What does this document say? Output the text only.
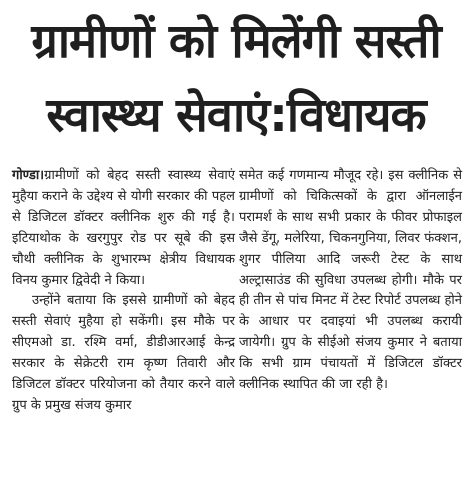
ग्रामीणों को मिलेंगी सस्ती
स्वास्थ्य सेवाएं:विधायक

गोण्डा।ग्रामीणों को बेहद सस्ती स्वास्थ्य सेवाएं मुहैया कराने के उद्देश्य से योगी सरकार की पहल से डिजिटल डॉक्टर क्लीनिक शुरु की गई है। इटियाथोक के खरगुपुर रोड पर सूबे की इस चौथी क्लीनिक के शुभारम्भ क्षेत्रीय विधायक विनय कुमार द्विवेदी ने किया।

उन्होंने बताया कि इससे ग्रामीणों को बेहद सस्ती सेवाएं मुहैया हो सकेंगी। इस मौके पर सीएमओ डा. रश्मि वर्मा, डीडीआरआई केन्द्र सरकार के सेक्रेटरी राम कृष्ण तिवारी और डिजिटल डॉक्टर परियोजना को तैयार करने वाले ग्रुप के प्रमुख संजय कुमार

समेत कई गणमान्य मौजूद रहे। इस क्लीनिक से ग्रामीणों को चिकित्सकों के द्वारा ऑनलाईन परामर्श के साथ सभी प्रकार के फीवर प्रोफाइल जैसे डेंगू, मलेरिया, चिकनगुनिया, लिवर फंक्शन, शुगर पीलिया आदि जरूरी टेस्ट के साथ अल्ट्रासाउंड की सुविधा उपलब्ध होगी। मौके पर ही तीन से पांच मिनट में टेस्ट रिपोर्ट उपलब्ध होने के आधार पर दवाइयां भी उपलब्ध करायी जायेगी। ग्रुप के सीईओ संजय कुमार ने बताया कि सभी ग्राम पंचायतों में डिजिटल डॉक्टर क्लीनिक स्थापित की जा रही है।
